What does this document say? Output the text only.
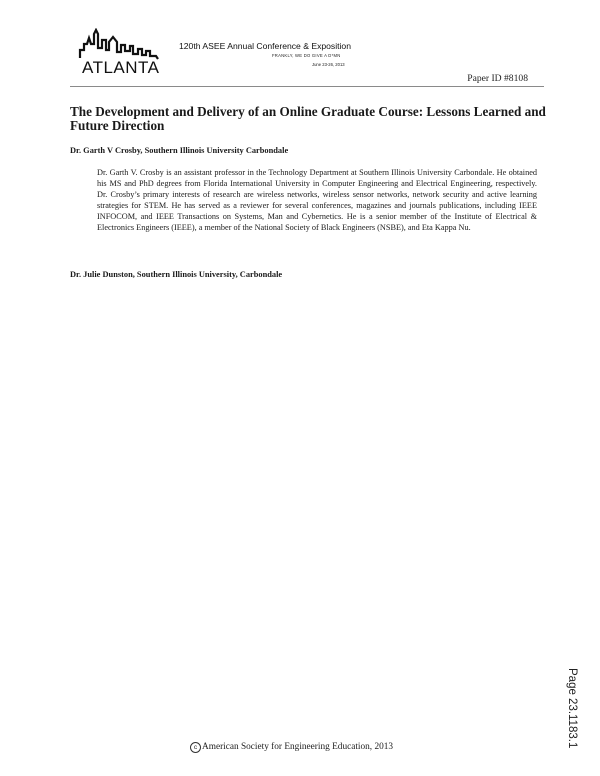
ATLANTA
120th ASEE Annual Conference & Exposition
FRANKLY, WE DO GIVE A D*MN
June 23-26, 2013
Paper ID #8108
The Development and Delivery of an Online Graduate Course: Lessons Learned and Future Direction

Dr. Garth V Crosby, Southern Illinois University Carbondale

Dr. Garth V. Crosby is an assistant professor in the Technology Department at Southern Illinois University Carbondale. He obtained his MS and PhD degrees from Florida International University in Computer Engineering and Electrical Engineering, respectively. Dr. Crosby’s primary interests of research are wireless networks, wireless sensor networks, network security and active learning strategies for STEM. He has served as a reviewer for several conferences, magazines and journals publications, including IEEE INFOCOM, and IEEE Transactions on Systems, Man and Cybernetics. He is a senior member of the Institute of Electrical & Electronics Engineers (IEEE), a member of the National Society of Black Engineers (NSBE), and Eta Kappa Nu.

Dr. Julie Dunston, Southern Illinois University, Carbondale

Page 23.1183.1
c American Society for Engineering Education, 2013
